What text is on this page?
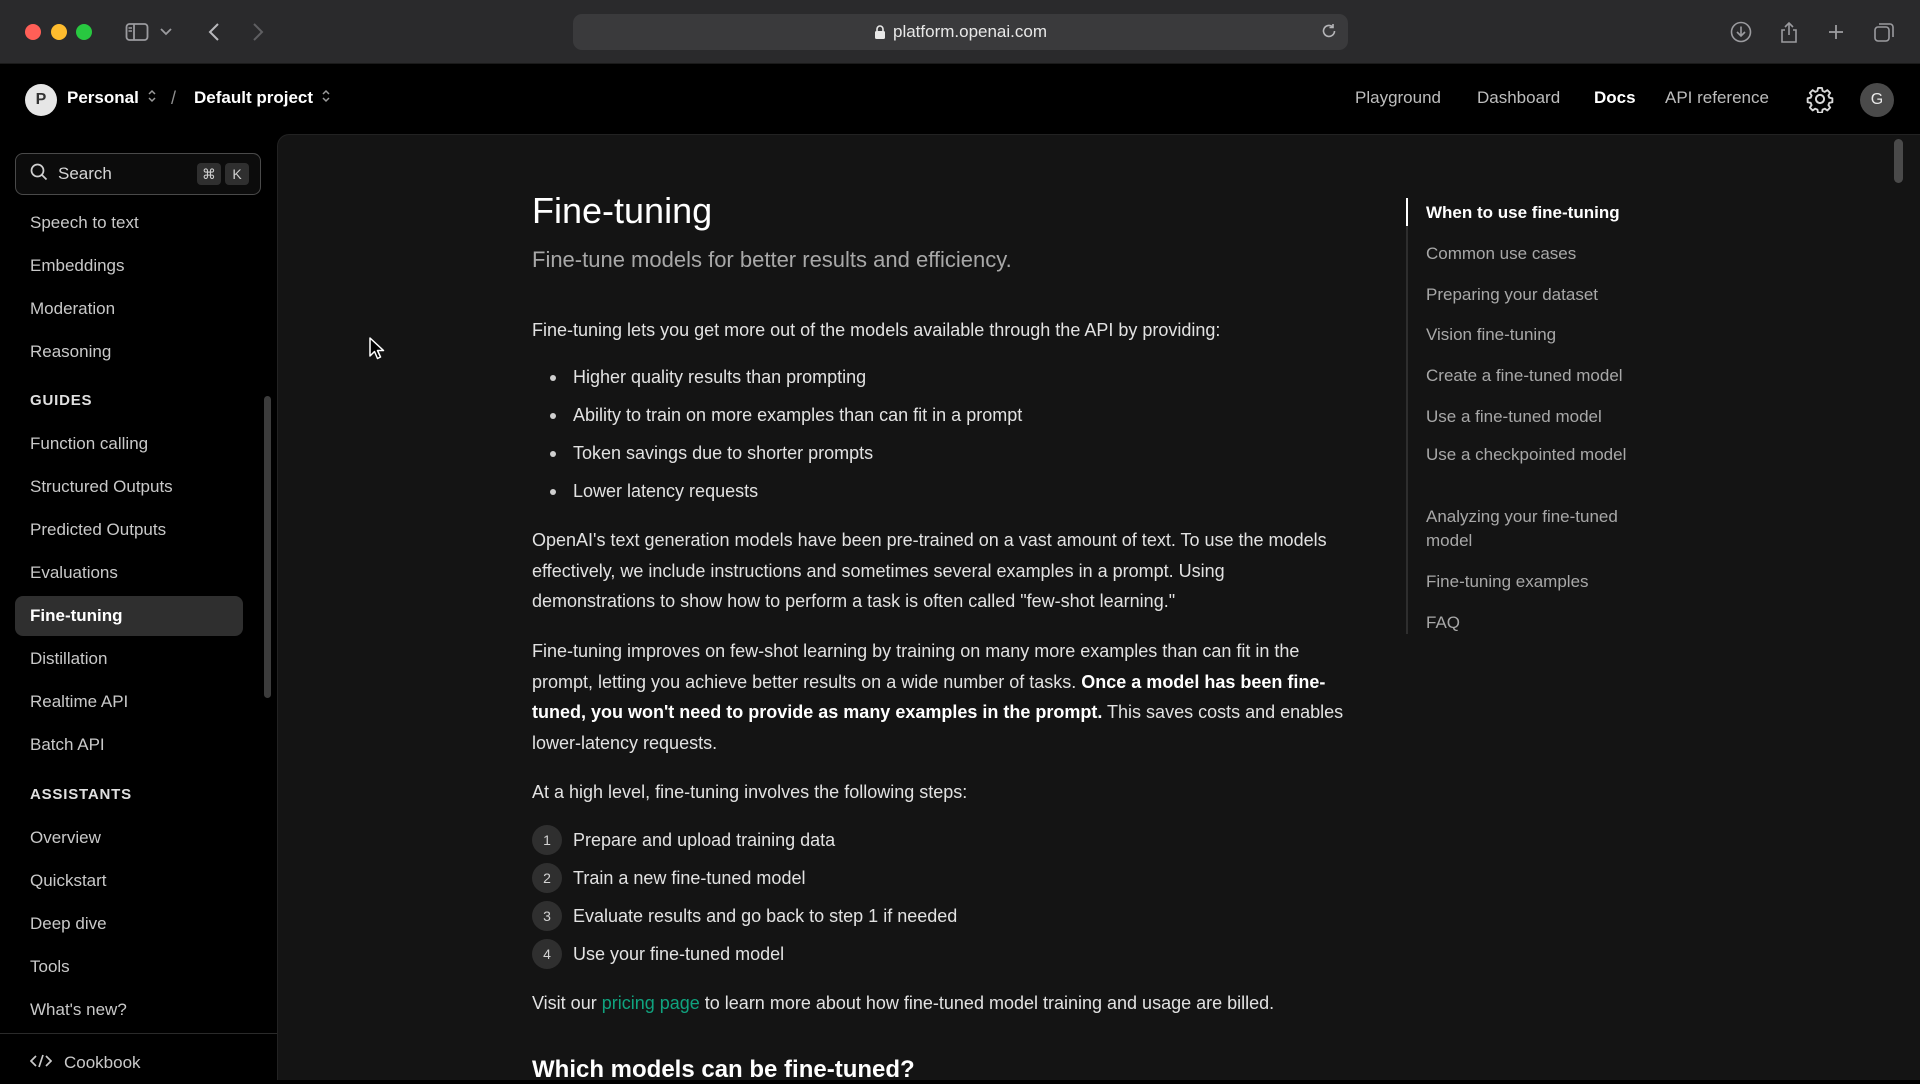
platform.openai.com
P	Personal / Default project	Playground Dashboard Docs API reference	G
Search	⌘	K
Speech to text
Embeddings
Moderation
Reasoning
GUIDES
Function calling
Structured Outputs
Predicted Outputs
Evaluations
Fine-tuning
Distillation
Realtime API
Batch API
ASSISTANTS
Overview
Quickstart
Deep dive
Tools
What's new?
Cookbook
Fine-tuning
Fine-tune models for better results and efficiency.

Fine-tuning lets you get more out of the models available through the API by providing:

Higher quality results than prompting
Ability to train on more examples than can fit in a prompt
Token savings due to shorter prompts
Lower latency requests

OpenAI's text generation models have been pre-trained on a vast amount of text. To use the models effectively, we include instructions and sometimes several examples in a prompt. Using demonstrations to show how to perform a task is often called "few-shot learning."

Fine-tuning improves on few-shot learning by training on many more examples than can fit in the prompt, letting you achieve better results on a wide number of tasks. Once a model has been fine-tuned, you won't need to provide as many examples in the prompt. This saves costs and enables lower-latency requests.

At a high level, fine-tuning involves the following steps:

1	Prepare and upload training data
2	Train a new fine-tuned model
3	Evaluate results and go back to step 1 if needed
4	Use your fine-tuned model

Visit our pricing page to learn more about how fine-tuned model training and usage are billed.

Which models can be fine-tuned?
When to use fine-tuning
Common use cases
Preparing your dataset
Vision fine-tuning
Create a fine-tuned model
Use a fine-tuned model
Use a checkpointed model
Analyzing your fine-tuned model
Fine-tuning examples
FAQ
